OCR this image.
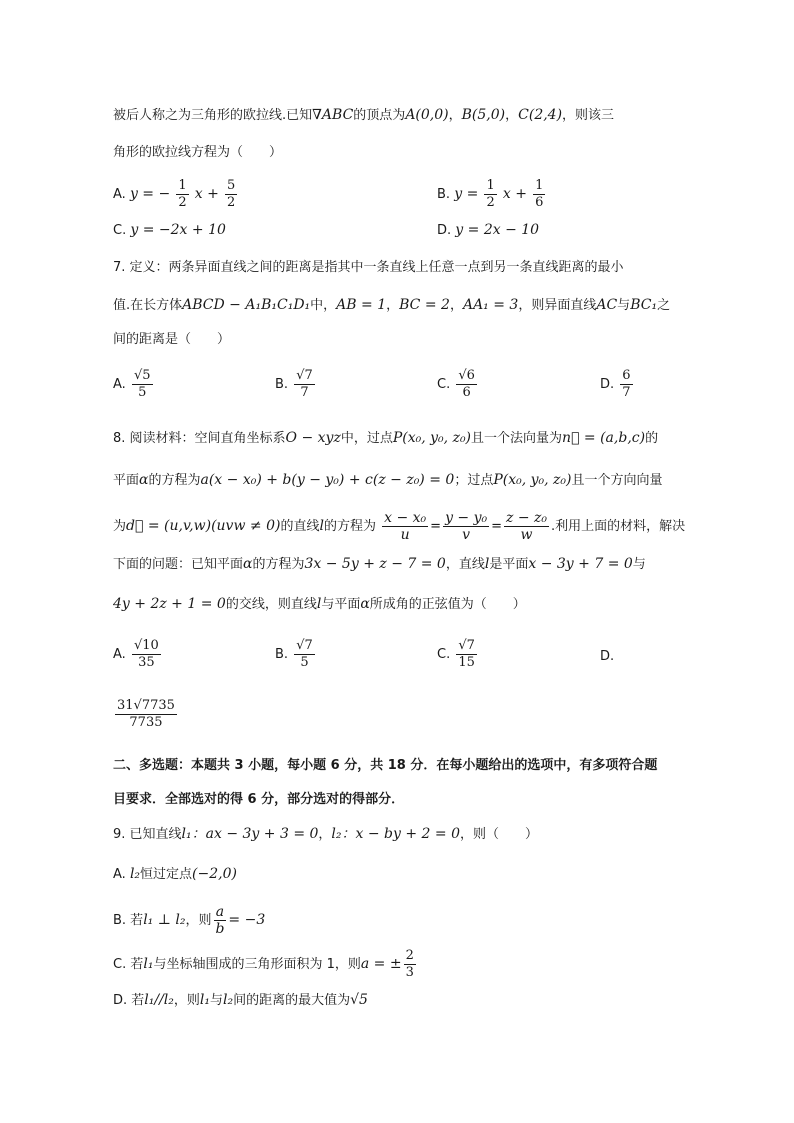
被后人称之为三角形的欧拉线.已知∇ABC的顶点为A(0,0)，B(5,0)，C(2,4)，则该三
角形的欧拉线方程为（　　）
A. y = − $\frac{1}{2}$ $x + \frac{5}{2}$	B. $y = \frac{1}{2}$ $x + \frac{1}{6}$
C. y = −2x + 10	D. y = 2x − 10
7. 定义：两条异面直线之间的距离是指其中一条直线上任意一点到另一条直线距离的最小
值.在长方体ABCD − A₁B₁C₁D₁中，AB = 1，BC = 2，AA₁ = 3，则异面直线AC与BC₁之
间的距离是（　　）
A. $\frac{√5}{5}$	B. $\frac{√7}{7}$	C. $\frac{√6}{6}$	D. $\frac{6}{7}$
8. 阅读材料：空间直角坐标系O − xyz中，过点P(x₀, y₀, z₀)且一个法向量为n⃗ = (a,b,c)的
平面α的方程为a(x − x₀) + b(y − y₀) + c(z − z₀) = 0；过点P(x₀, y₀, z₀)且一个方向向量
为d⃗ = (u,v,w)(uvw ≠ 0)的直线l的方程为 $\frac{\text{x − x₀}}{u} = \frac{\text{y − y₀}}{v} = \frac{\text{z − z₀}}{w}$ .利用上面的材料，解决
下面的问题：已知平面α的方程为3x − 5y + z − 7 = 0，直线l是平面x − 3y + 7 = 0与
4y + 2z + 1 = 0的交线，则直线l与平面α所成角的正弦值为（　　）
A. $\frac{√10}{35}$	B. $\frac{√7}{5}$	C. $\frac{√7}{15}$	D.
$\frac{31√7735}{7735}$
二、多选题：本题共 3 小题，每小题 6 分，共 18 分．在每小题给出的选项中，有多项符合题
目要求．全部选对的得 6 分，部分选对的得部分．
9. 已知直线l₁：ax − 3y + 3 = 0，l₂：x − by + 2 = 0，则（　　）
A. l₂恒过定点(−2,0)
B. 若l₁ ⊥ l₂，则 $\frac{a}{b} = -3$
C. 若l₁与坐标轴围成的三角形面积为 1，则a = ± $\frac{2}{3}$
D. 若l₁//l₂，则l₁与l₂间的距离的最大值为√5
